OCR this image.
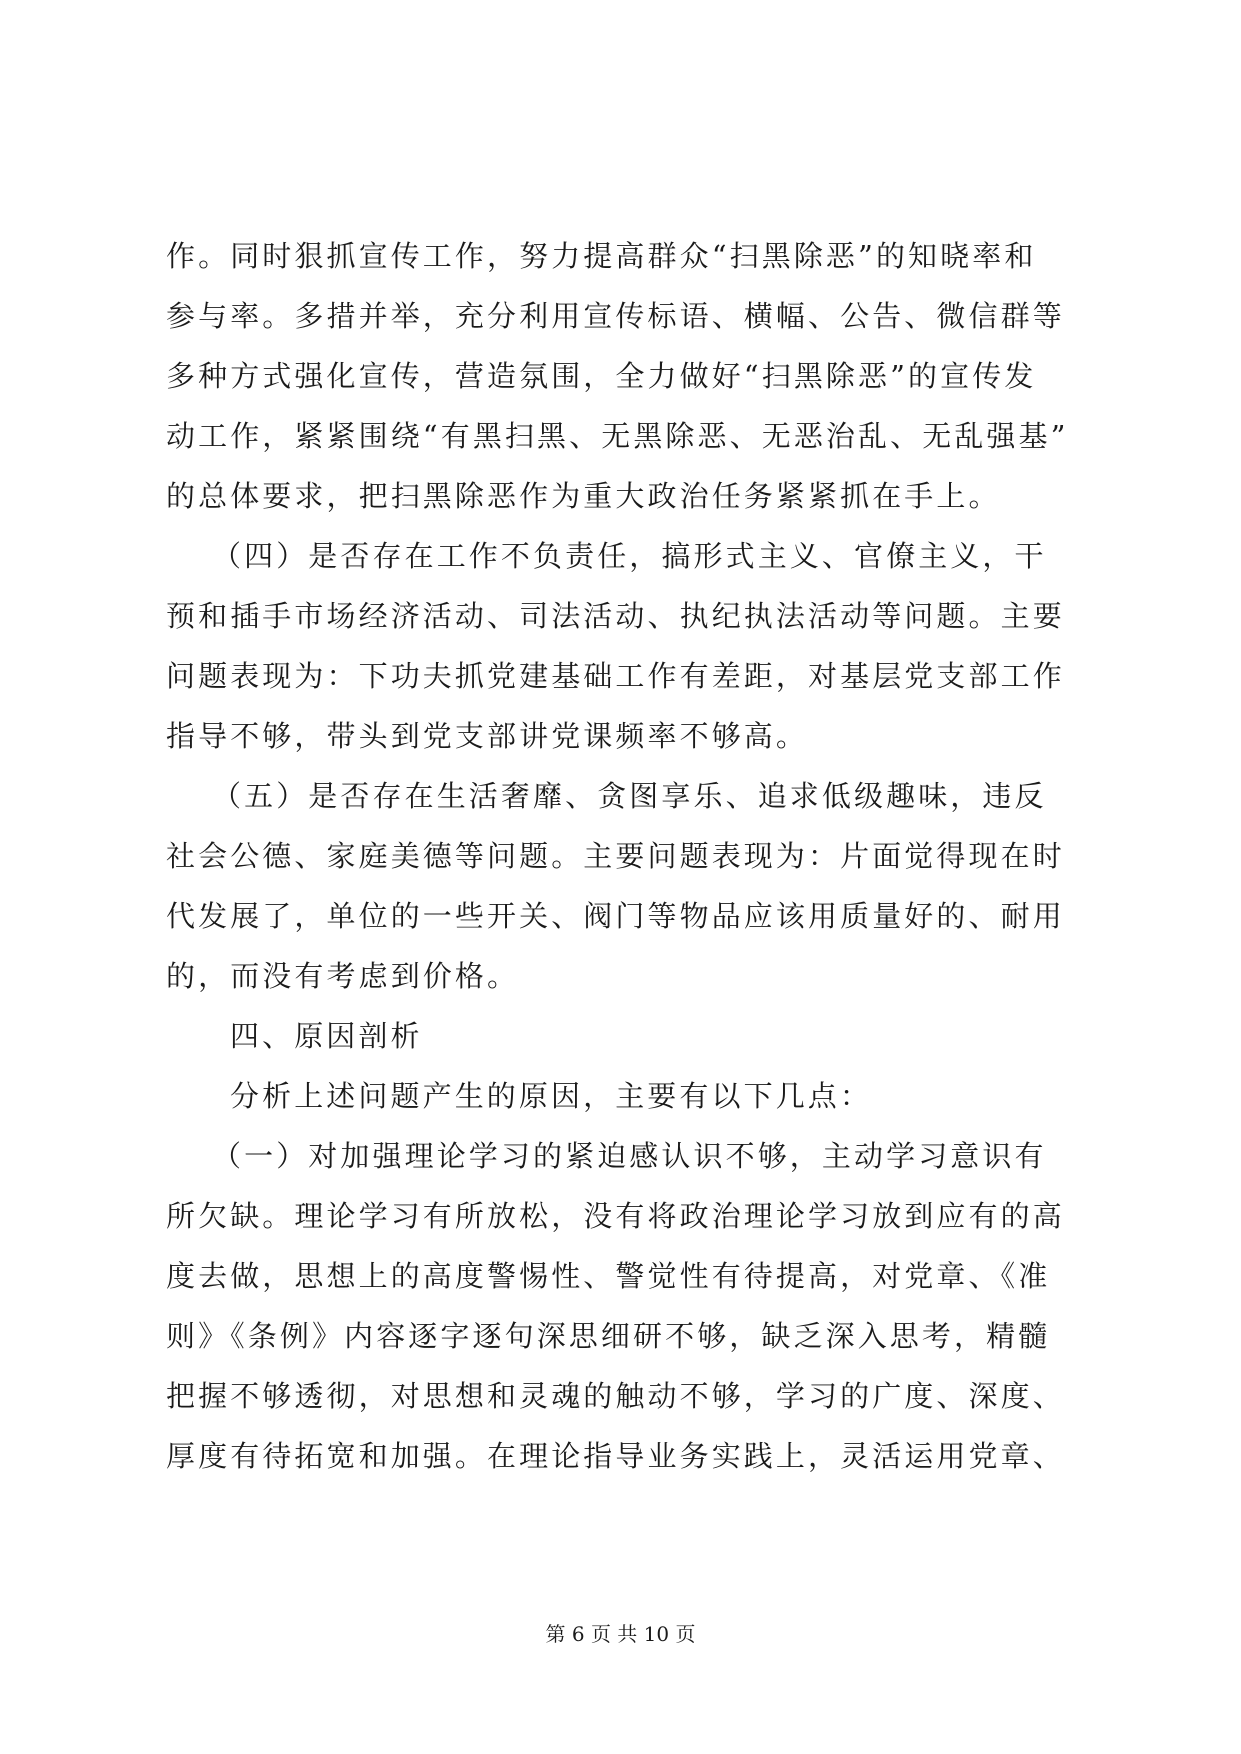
作。同时狠抓宣传工作，努力提高群众“扫黑除恶”的知晓率和
参与率。多措并举，充分利用宣传标语、横幅、公告、微信群等
多种方式强化宣传，营造氛围，全力做好“扫黑除恶”的宣传发
动工作，紧紧围绕“有黑扫黑、无黑除恶、无恶治乱、无乱强基”
的总体要求，把扫黑除恶作为重大政治任务紧紧抓在手上。
（四）是否存在工作不负责任，搞形式主义、官僚主义，干
预和插手市场经济活动、司法活动、执纪执法活动等问题。主要
问题表现为：下功夫抓党建基础工作有差距，对基层党支部工作
指导不够，带头到党支部讲党课频率不够高。
（五）是否存在生活奢靡、贪图享乐、追求低级趣味，违反
社会公德、家庭美德等问题。主要问题表现为：片面觉得现在时
代发展了，单位的一些开关、阀门等物品应该用质量好的、耐用
的，而没有考虑到价格。
四、原因剖析
分析上述问题产生的原因，主要有以下几点：
（一）对加强理论学习的紧迫感认识不够，主动学习意识有
所欠缺。理论学习有所放松，没有将政治理论学习放到应有的高
度去做，思想上的高度警惕性、警觉性有待提高，对党章、《准
则》《条例》内容逐字逐句深思细研不够，缺乏深入思考，精髓
把握不够透彻，对思想和灵魂的触动不够，学习的广度、深度、
厚度有待拓宽和加强。在理论指导业务实践上，灵活运用党章、
第 6 页 共 10 页
